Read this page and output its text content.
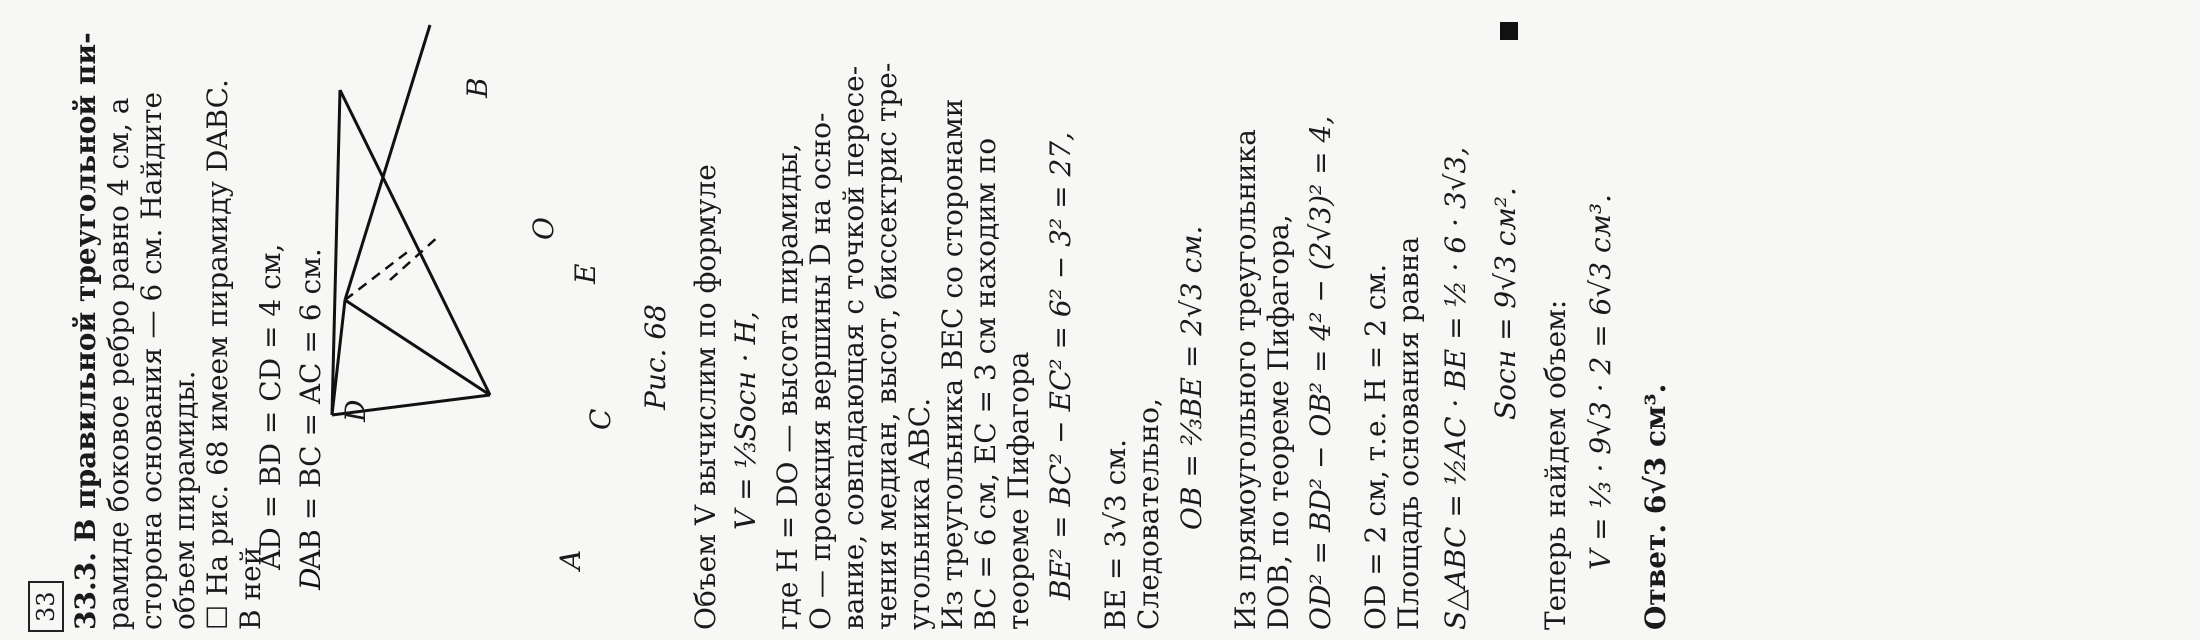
33 33.3. В правильной треугольной пи- рамиде боковое ребро равно 4 см, а сторона основания — 6 см. Найдите объем пирамиды. ☐ На рис. 68 имеем пирамиду DABC. В ней
AD = BD = CD = 4 см, AB = BC = AC = 6 см.
D
D
B
C
O
E
A
Рис. 68 Объем V вычислим по формуле V = ⅓Sосн · H, где H = DO — высота пирамиды, O — проекция вершины D на осно- вание, совпадающая с точкой пересе- чения медиан, высот, биссектрис тре- угольника ABC. Из треугольника BEC со сторонами BC = 6 см, EC = 3 см находим по теореме Пифагора BE² = BC² − EC² = 6² − 3² = 27, BE = 3√3 см. Следовательно, OB = ⅔BE = 2√3 см. Из прямоугольного треугольника DOB, по теореме Пифагора, OD² = BD² − OB² = 4² − (2√3)² = 4, OD = 2 см, т.е. H = 2 см. Площадь основания равна S△ABC = ½AC · BE = ½ · 6 · 3√3, Sосн = 9√3 см². Теперь найдем объем: V = ⅓ · 9√3 · 2 = 6√3 см³. Ответ. 6√3 см³.
